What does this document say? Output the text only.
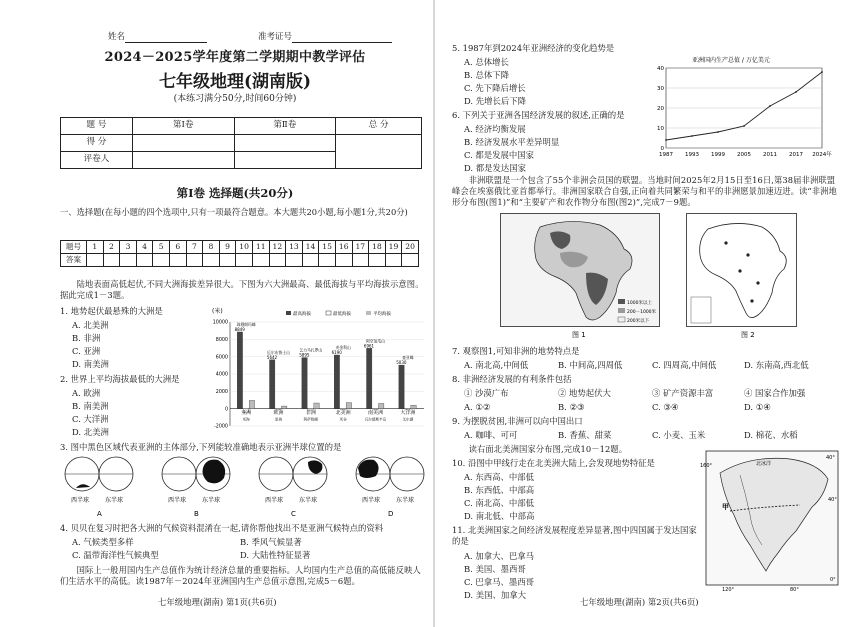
姓名	准考证号
2024－2025学年度第二学期期中教学评估
七年级地理(湖南版)
(本练习满分50分,时间60分钟)
题 号	第Ⅰ卷	第Ⅱ卷	总 分
得 分			
评卷人			
第Ⅰ卷 选择题(共20分)
一、选择题(在每小题的四个选项中,只有一项最符合题意。本大题共20小题,每小题1分,共20分)
题号	1	2	3	4	5	6	7	8	9	10	11	12	13	14	15	16	17	18	19	20
答案																				
陆地表面高低起伏,不同大洲海拔差异很大。下图为六大洲最高、最低海拔与平均海拔示意图。据此完成1－3题。
1. 地势起伏最悬殊的大洲是
A. 北美洲
B. 非洲
C. 亚洲
D. 南美洲
2. 世界上平均海拔最低的大洲是
A. 欧洲
B. 南美洲
C. 大洋洲
D. 北美洲
(米)	最高海拔	最低海拔	平均海拔
-2000
0
2000
4000
6000
8000
10000
8849
珠穆朗玛峰
死海
亚洲
5642
厄尔布鲁士山
里海
欧洲
5895
乞力马扎罗山
阿萨勒湖
非洲
6190
麦金利山
死谷
北美洲
6961
阿空加瓜山
瓦尔德斯半岛
南美洲
5030
查亚峰
艾尔湖
大洋洲
3. 图中黑色区域代表亚洲的主体部分,下列能较准确地表示亚洲半球位置的是
西半球	东半球
A
西半球	东半球
B
西半球	东半球
C
西半球	东半球
D
4. 贝贝在复习时把各大洲的气候资料混淆在一起,请你帮他找出不是亚洲气候特点的资料
A. 气候类型多样	B. 季风气候显著
C. 温带海洋性气候典型	D. 大陆性特征显著
国际上一般用国内生产总值作为统计经济总量的重要指标。人均国内生产总值的高低能反映人们生活水平的高低。读1987年－2024年亚洲国内生产总值示意图,完成5－6题。
七年级地理(湖南) 第1页(共6页)
5. 1987年到2024年亚洲经济的变化趋势是
A. 总体增长
B. 总体下降
C. 先下降后增长
D. 先增长后下降
6. 下列关于亚洲各国经济发展的叙述,正确的是
A. 经济均衡发展
B. 经济发展水平差异明显
C. 都是发展中国家
D. 都是发达国家
亚洲国内生产总值 / 万亿美元
0
10
20
30
40
1987 1993 1999 2005 2011 2017 2024年
非洲联盟是一个包含了55个非洲会员国的联盟。当地时间2025年2月15日至16日,第38届非洲联盟峰会在埃塞俄比亚首都举行。非洲国家联合自强,正向着共同繁荣与和平的非洲愿景加速迈进。读“非洲地形分布图(图1)”和“主要矿产和农作物分布图(图2)”,完成7－9题。
1000米以上
200－1000米
200米以下
图 1	图 2
7. 观察图1,可知非洲的地势特点是
A. 南北高,中间低	B. 中间高,四周低	C. 四周高,中间低	D. 东南高,西北低
8. 非洲经济发展的有利条件包括
① 沙漠广布	② 地势起伏大	③ 矿产资源丰富	④ 国家合作加强
A. ①②	B. ②③	C. ③④	D. ①④
9. 为摆脱贫困,非洲可以向中国出口
A. 咖啡、可可	B. 香蕉、甜菜	C. 小麦、玉米	D. 棉花、水稻
读右面北美洲国家分布图,完成10－12题。
10. 沿图中甲线行走在北美洲大陆上,会发现地势特征是
A. 东西高、中部低
B. 东西低、中部高
C. 南北高、中部低
D. 南北低、中部高
11. 北美洲国家之间经济发展程度差异显著,图中四国属于发达国家的是
A. 加拿大、巴拿马
B. 美国、墨西哥
C. 巴拿马、墨西哥
D. 美国、加拿大
甲
北冰洋
160°
40°
40°
0°
120°	80°
七年级地理(湖南) 第2页(共6页)
